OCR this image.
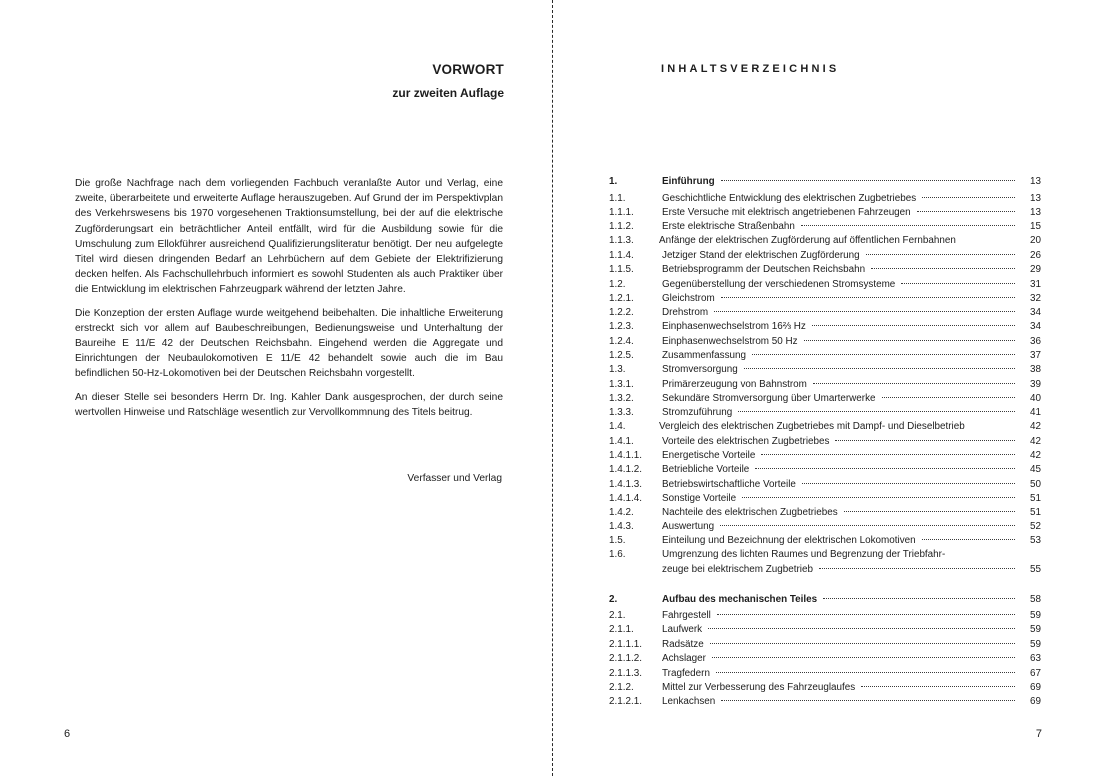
VORWORT
zur zweiten Auflage

Die große Nachfrage nach dem vorliegenden Fachbuch veranlaßte Autor und Verlag, eine zweite, überarbeitete und erweiterte Auflage herauszugeben. Auf Grund der im Perspektivplan des Verkehrswesens bis 1970 vorgesehenen Traktionsumstellung, bei der auf die elektrische Zugförderungsart ein beträchtlicher Anteil entfällt, wird für die Ausbildung sowie für die Umschulung zum Ellokführer ausreichend Qualifizierungsliteratur benötigt. Der neu aufgelegte Titel wird diesen dringenden Bedarf an Lehrbüchern auf dem Gebiete der Elektrifizierung decken helfen. Als Fachschullehrbuch informiert es sowohl Studenten als auch Praktiker über die Entwicklung im elektrischen Fahrzeugpark während der letzten Jahre.

Die Konzeption der ersten Auflage wurde weitgehend beibehalten. Die inhaltliche Erweiterung erstreckt sich vor allem auf Baubeschreibungen, Bedienungsweise und Unterhaltung der Baureihe E 11/E 42 der Deutschen Reichsbahn. Eingehend werden die Aggregate und Einrichtungen der Neubaulokomotiven E 11/E 42 behandelt sowie auch die im Bau befindlichen 50-Hz-Lokomotiven bei der Deutschen Reichsbahn vorgestellt.

An dieser Stelle sei besonders Herrn Dr. Ing. Kahler Dank ausgesprochen, der durch seine wertvollen Hinweise und Ratschläge wesentlich zur Vervollkommnung des Titels beitrug.

Verfasser und Verlag
6
INHALTSVERZEICHNIS
1.	Einführung	13
1.1.	Geschichtliche Entwicklung des elektrischen Zugbetriebes	13
1.1.1.	Erste Versuche mit elektrisch angetriebenen Fahrzeugen	13
1.1.2.	Erste elektrische Straßenbahn	15
1.1.3.	Anfänge der elektrischen Zugförderung auf öffentlichen Fernbahnen	20
1.1.4.	Jetziger Stand der elektrischen Zugförderung	26
1.1.5.	Betriebsprogramm der Deutschen Reichsbahn	29
1.2.	Gegenüberstellung der verschiedenen Stromsysteme	31
1.2.1.	Gleichstrom	32
1.2.2.	Drehstrom	34
1.2.3.	Einphasenwechselstrom 16⅔ Hz	34
1.2.4.	Einphasenwechselstrom 50 Hz	36
1.2.5.	Zusammenfassung	37
1.3.	Stromversorgung	38
1.3.1.	Primärerzeugung von Bahnstrom	39
1.3.2.	Sekundäre Stromversorgung über Umarterwerke	40
1.3.3.	Stromzuführung	41
1.4.	Vergleich des elektrischen Zugbetriebes mit Dampf- und Dieselbetrieb	42
1.4.1.	Vorteile des elektrischen Zugbetriebes	42
1.4.1.1. Energetische Vorteile	42
1.4.1.2. Betriebliche Vorteile	45
1.4.1.3. Betriebswirtschaftliche Vorteile	50
1.4.1.4. Sonstige Vorteile	51
1.4.2.	Nachteile des elektrischen Zugbetriebes	51
1.4.3.	Auswertung	52
1.5.	Einteilung und Bezeichnung der elektrischen Lokomotiven	53
1.6.	Umgrenzung des lichten Raumes und Begrenzung der Triebfahr-
zeuge bei elektrischem Zugbetrieb	55
2.	Aufbau des mechanischen Teiles	58
2.1.	Fahrgestell	59
2.1.1.	Laufwerk	59
2.1.1.1. Radsätze	59
2.1.1.2. Achslager	63
2.1.1.3. Tragfedern	67
2.1.2.	Mittel zur Verbesserung des Fahrzeuglaufes	69
2.1.2.1. Lenkachsen	69
7
